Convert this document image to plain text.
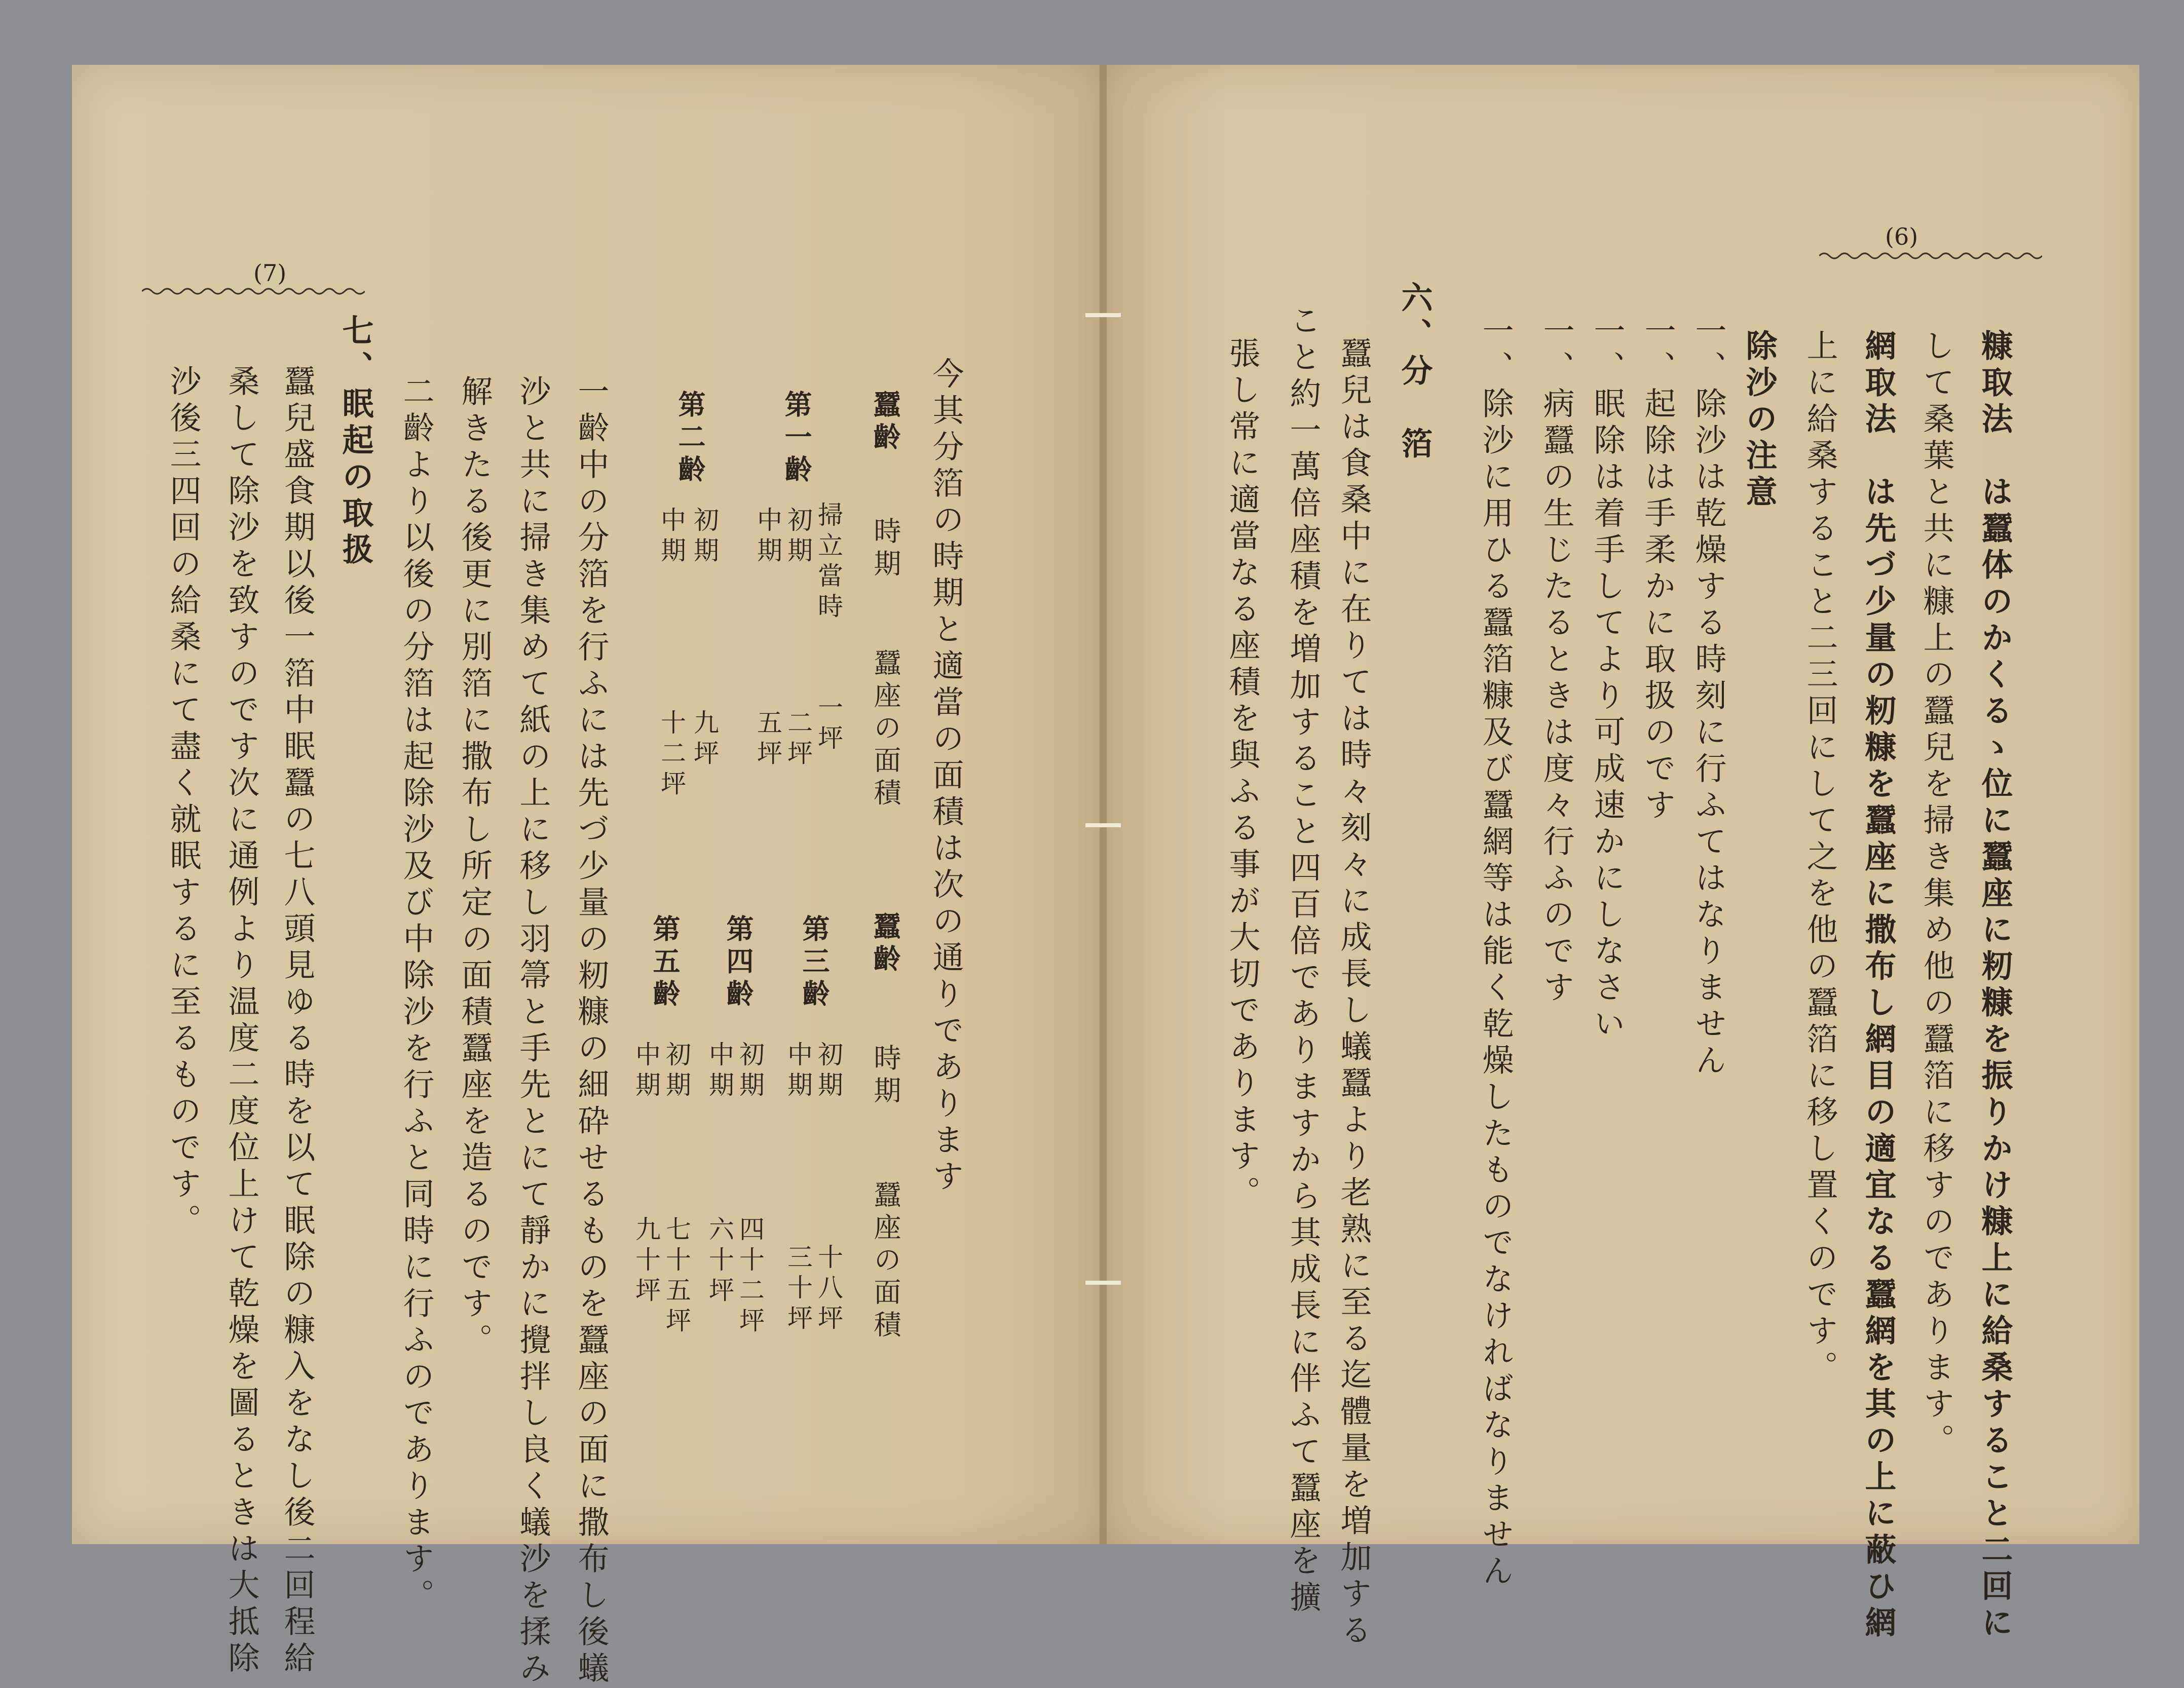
(6)
(7)
糠取法　は蠶体のかくるゝ位に蠶座に籾糠を振りかけ糠上に給桑すること二回に
して桑葉と共に糠上の蠶兒を掃き集め他の蠶箔に移すのであります。
網取法　は先づ少量の籾糠を蠶座に撒布し網目の適宜なる蠶網を其の上に蔽ひ網
上に給桑すること二三回にして之を他の蠶箔に移し置くのです。
除沙の注意
一、除沙は乾燥する時刻に行ふてはなりません
一、起除は手柔かに取扱のです
一、眠除は着手してより可成速かにしなさい
一、病蠶の生じたるときは度々行ふのです
一、除沙に用ひる蠶箔糠及び蠶網等は能く乾燥したものでなければなりません
六、分　箔
蠶兒は食桑中に在りては時々刻々に成長し蟻蠶より老熟に至る迄體量を増加する
こと約一萬倍座積を増加すること四百倍でありますから其成長に伴ふて蠶座を擴
張し常に適當なる座積を與ふる事が大切であります。
今其分箔の時期と適當の面積は次の通りであります
蠶齡
時期
蠶座の面積
第一齡
掃立當時
一坪
初期
二坪
中期
五坪
第二齡
初期
九坪
中期
十二坪
蠶齡
時期
蠶座の面積
第三齡
初期
十八坪
中期
三十坪
第四齡
初期
四十二坪
中期
六十坪
第五齡
初期
七十五坪
中期
九十坪
一齡中の分箔を行ふには先づ少量の籾糠の細砕せるものを蠶座の面に撒布し後蟻
沙と共に掃き集めて紙の上に移し羽箒と手先とにて靜かに攪拌し良く蟻沙を揉み
解きたる後更に別箔に撒布し所定の面積蠶座を造るのです。
二齡より以後の分箔は起除沙及び中除沙を行ふと同時に行ふのであります。
七、眠起の取扱
蠶兒盛食期以後一箔中眠蠶の七八頭見ゆる時を以て眠除の糠入をなし後二回程給
桑して除沙を致すのです次に通例より温度二度位上けて乾燥を圖るときは大抵除
沙後三四回の給桑にて盡く就眠するに至るものです。
